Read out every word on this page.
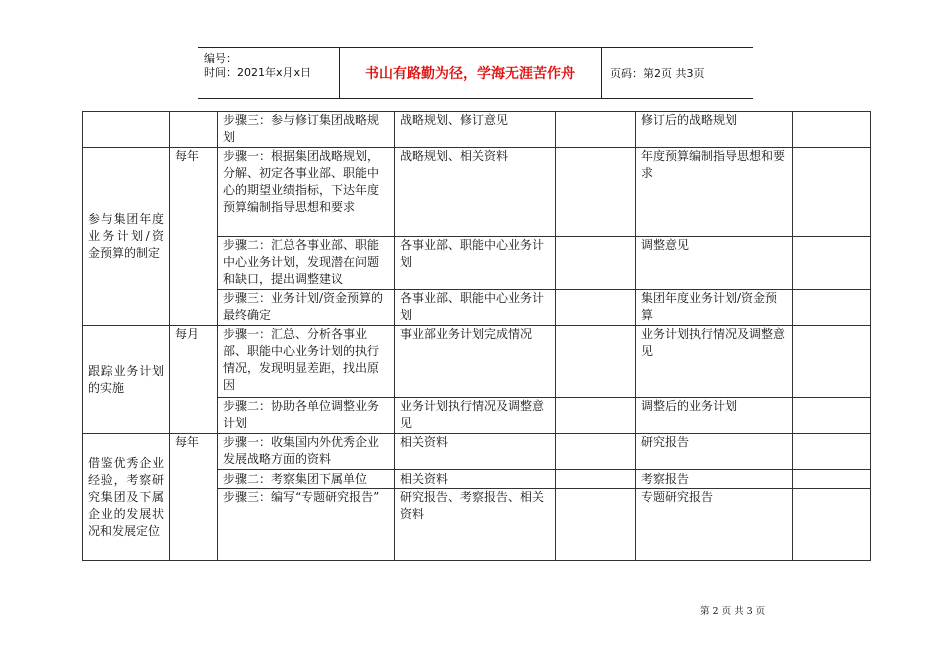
编号：
时间：2021年x月x日	书山有路勤为径，学海无涯苦作舟	页码：第2页 共3页
		步骤三：参与修订集团战略规划	战略规划、修订意见		修订后的战略规划	
参与集团年度业务计划/资金预算的制定	每年	步骤一：根据集团战略规划，分解、初定各事业部、职能中心的期望业绩指标，下达年度预算编制指导思想和要求	战略规划、相关资料		年度预算编制指导思想和要求	
		步骤二：汇总各事业部、职能中心业务计划，发现潜在问题和缺口，提出调整建议	各事业部、职能中心业务计划		调整意见	
		步骤三：业务计划/资金预算的最终确定	各事业部、职能中心业务计划		集团年度业务计划/资金预算	
跟踪业务计划的实施	每月	步骤一：汇总、分析各事业部、职能中心业务计划的执行情况，发现明显差距，找出原因	事业部业务计划完成情况		业务计划执行情况及调整意见	
		步骤二：协助各单位调整业务计划	业务计划执行情况及调整意见		调整后的业务计划	
借鉴优秀企业经验，考察研究集团及下属企业的发展状况和发展定位	每年	步骤一：收集国内外优秀企业发展战略方面的资料	相关资料		研究报告	
		步骤二：考察集团下属单位	相关资料		考察报告	
		步骤三：编写“专题研究报告”	研究报告、考察报告、相关资料		专题研究报告	
第 2 页 共 3 页
